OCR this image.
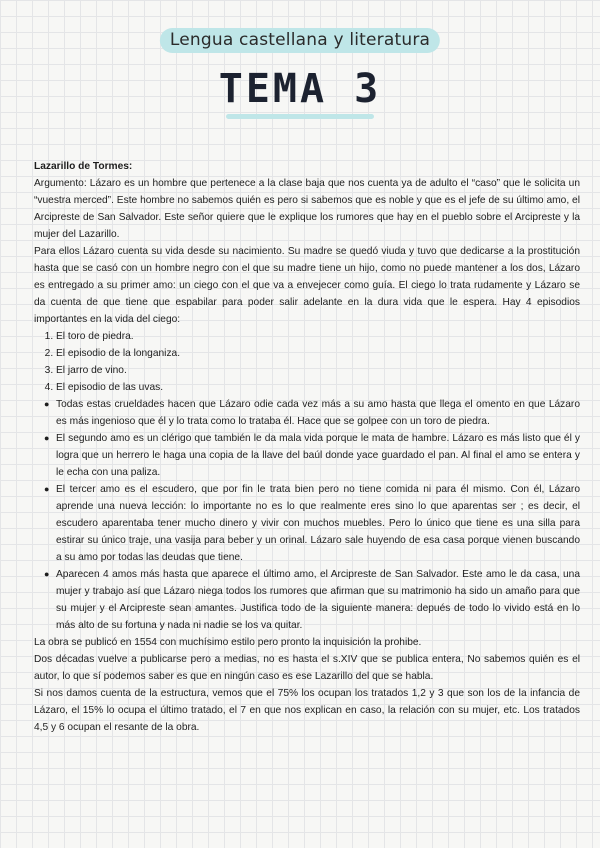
Lengua castellana y literatura
TEMA 3

Lazarillo de Tormes:

Argumento: Lázaro es un hombre que pertenece a la clase baja que nos cuenta ya de adulto el “caso” que le solicita un “vuestra merced”. Este hombre no sabemos quién es pero si sabemos que es noble y que es el jefe de su último amo, el Arcipreste de San Salvador. Este señor quiere que le explique los rumores que hay en el pueblo sobre el Arcipreste y la mujer del Lazarillo.

Para ellos Lázaro cuenta su vida desde su nacimiento. Su madre se quedó viuda y tuvo que dedicarse a la prostitución hasta que se casó con un hombre negro con el que su madre tiene un hijo, como no puede mantener a los dos, Lázaro es entregado a su primer amo: un ciego con el que va a envejecer como guía. El ciego lo trata rudamente y Lázaro se da cuenta de que tiene que espabilar para poder salir adelante en la dura vida que le espera. Hay 4 episodios importantes en la vida del ciego:

1. El toro de piedra.
2. El episodio de la longaniza.
3. El jarro de vino.
4. El episodio de las uvas.
● Todas estas crueldades hacen que Lázaro odie cada vez más a su amo hasta que llega el omento en que Lázaro es más ingenioso que él y lo trata como lo trataba él. Hace que se golpee con un toro de piedra.
● El segundo amo es un clérigo que también le da mala vida porque le mata de hambre. Lázaro es más listo que él y logra que un herrero le haga una copia de la llave del baúl donde yace guardado el pan. Al final el amo se entera y le echa con una paliza.
● El tercer amo es el escudero, que por fin le trata bien pero no tiene comida ni para él mismo. Con él, Lázaro aprende una nueva lección: lo importante no es lo que realmente eres sino lo que aparentas ser ; es decir, el escudero aparentaba tener mucho dinero y vivir con muchos muebles. Pero lo único que tiene es una silla para estirar su único traje, una vasija para beber y un orinal. Lázaro sale huyendo de esa casa porque vienen buscando a su amo por todas las deudas que tiene.
● Aparecen 4 amos más hasta que aparece el último amo, el Arcipreste de San Salvador. Este amo le da casa, una mujer y trabajo así que Lázaro niega todos los rumores que afirman que su matrimonio ha sido un amaño para que su mujer y el Arcipreste sean amantes. Justifica todo de la siguiente manera: depués de todo lo vivido está en lo más alto de su fortuna y nada ni nadie se los va quitar.

La obra se publicó en 1554 con muchísimo estilo pero pronto la inquisición la prohibe.

Dos décadas vuelve a publicarse pero a medias, no es hasta el s.XIV que se publica entera, No sabemos quién es el autor, lo que sí podemos saber es que en ningún caso es ese Lazarillo del que se habla.

Si nos damos cuenta de la estructura, vemos que el 75% los ocupan los tratados 1,2 y 3 que son los de la infancia de Lázaro, el 15% lo ocupa el último tratado, el 7 en que nos explican en caso, la relación con su mujer, etc. Los tratados 4,5 y 6 ocupan el resante de la obra.
